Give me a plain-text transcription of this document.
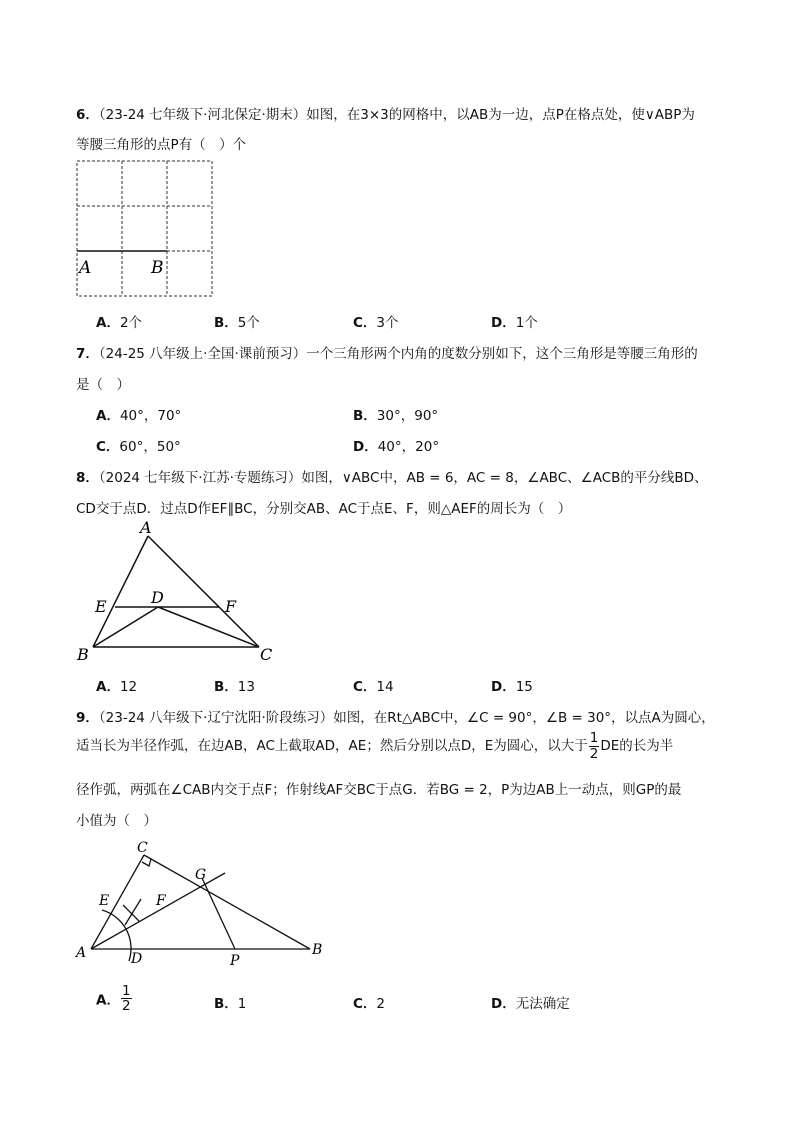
6．（23-24 七年级下·河北保定·期末）如图，在3×3的网格中，以AB为一边，点P在格点处，使∨ABP为
等腰三角形的点P有（　）个
A	B
A．2个	B．5个	C．3个	D．1个
7．（24-25 八年级上·全国·课前预习）一个三角形两个内角的度数分别如下，这个三角形是等腰三角形的
是（　）
A．40°，70°	B．30°，90°
C．60°，50°	D．40°，20°
8．（2024 七年级下·江苏·专题练习）如图，∨ABC中，AB = 6，AC = 8，∠ABC、∠ACB的平分线BD、
CD交于点D．过点D作EF∥BC，分别交AB、AC于点E、F，则△AEF的周长为（　）
A
B	C
D
E	F
A．12	B．13	C．14	D．15
9．（23-24 八年级下·辽宁沈阳·阶段练习）如图，在Rt△ABC中，∠C = 90°，∠B = 30°，以点A为圆心，
适当长为半径作弧，在边AB，AC上截取AD，AE；然后分别以点D，E为圆心，以大于 $\frac{1}{2}$ DE的长为半
径作弧，两弧在∠CAB内交于点F；作射线AF交BC于点G．若BG = 2，P为边AB上一动点，则GP的最
小值为（　）
A	B
C
D
E	F
G
P
A． $\frac{1}{2}$	B．1	C．2	D．无法确定
